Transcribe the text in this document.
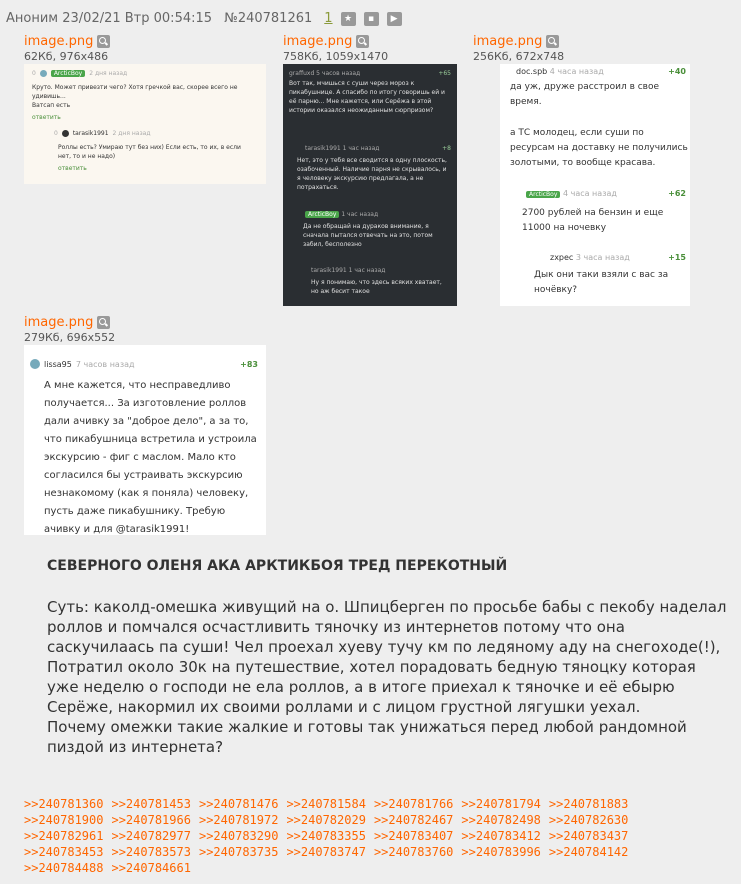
Аноним
23/02/21 Втр 00:54:15
№240781261 1	★	▪	▶
image.png
62Кб, 976x486
0	ArcticBoy	2 дня назад
Круто. Может привезти чего? Хотя гречкой вас, скорее всего не
удивишь...
Ватсап есть
ответить
0	tarasik1991 2 дня назад
Роллы есть? Умираю тут без них) Если есть, то их, в если
нет, то и не надо)
ответить
image.png
758Кб, 1059x1470
graffuxd 5 часов назад	+65
Вот так, мчишься с суши через мороз к пикабушнице. А спасибо по итогу говоришь ей и её парню... Мне кажется, или Серёжа в этой истории оказался неожиданным сюрпризом?
tarasik1991 1 час назад	+8
Нет, это у тебя все сводится в одну плоскость, озабоченный. Наличие парня не скрывалось, и я человеку экскурсию предлагала, а не потрахаться.
ArcticBoy 1 час назад
Да не обращай на дураков внимание, я сначала пытался отвечать на это, потом забил, бесполезно
tarasik1991 1 час назад
Ну я понимаю, что здесь всяких хватает, но аж бесит такое
image.png
256Кб, 672x748
doc.spb 4 часа назад	+40
да уж, друже расстроил в свое время.
а ТС молодец, если суши по ресурсам на доставку не получились золотыми, то вообще красава.
ArcticBoy 4 часа назад	+62
2700 рублей на бензин и еще 11000 на ночевку
zxpec 3 часа назад	+15
Дык они таки взяли с вас за ночёвку?
image.png
279Кб, 696x552
lissa95 7 часов назад	+83
А мне кажется, что несправедливо получается... За изготовление роллов дали ачивку за "доброе дело", а за то, что пикабушница встретила и устроила экскурсию - фиг с маслом. Мало кто согласился бы устраивать экскурсию незнакомому (как я поняла) человеку, пусть даже пикабушнику. Требую ачивку и для @tarasik1991!
СЕВЕРНОГО ОЛЕНЯ АКА АРКТИКБОЯ ТРЕД ПЕРЕКОТНЫЙ
Суть: каколд-омешка живущий на о. Шпицберген по просьбе бабы с пекобу наделал роллов и помчался осчастливить тяночку из интернетов потому что она саскучилаась па суши! Чел проехал хуеву тучу км по ледяному аду на снегоходе(!), Потратил около 30к на путешествие, хотел порадовать бедную тяноцку которая уже неделю о господи не ела роллов, а в итоге приехал к тяночке и её ебырю Серёже, накормил их своими роллами и с лицом грустной лягушки уехал.
Почему омежки такие жалкие и готовы так унижаться перед любой рандомной пиздой из интернета?
>>240781360 >>240781453 >>240781476 >>240781584 >>240781766 >>240781794 >>240781883
>>240781900 >>240781966 >>240781972 >>240782029 >>240782467 >>240782498 >>240782630
>>240782961 >>240782977 >>240783290 >>240783355 >>240783407 >>240783412 >>240783437
>>240783453 >>240783573 >>240783735 >>240783747 >>240783760 >>240783996 >>240784142
>>240784488 >>240784661
